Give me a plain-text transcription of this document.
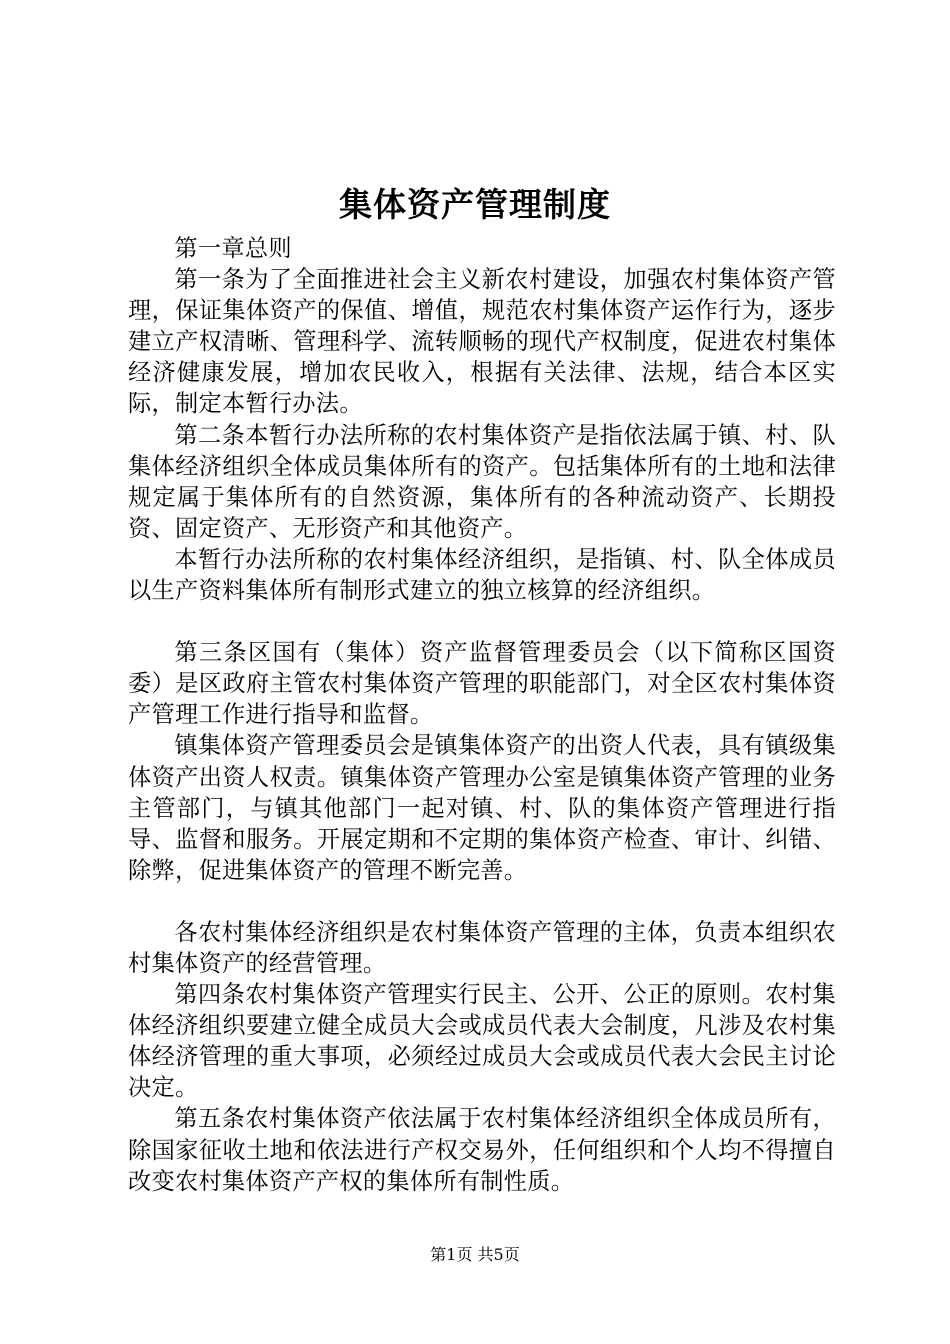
集体资产管理制度

第一章总则

第一条为了全面推进社会主义新农村建设，加强农村集体资产管理，保证集体资产的保值、增值，规范农村集体资产运作行为，逐步建立产权清晰、管理科学、流转顺畅的现代产权制度，促进农村集体经济健康发展，增加农民收入，根据有关法律、法规，结合本区实际，制定本暂行办法。

第二条本暂行办法所称的农村集体资产是指依法属于镇、村、队集体经济组织全体成员集体所有的资产。包括集体所有的土地和法律规定属于集体所有的自然资源，集体所有的各种流动资产、长期投资、固定资产、无形资产和其他资产。

本暂行办法所称的农村集体经济组织，是指镇、村、队全体成员以生产资料集体所有制形式建立的独立核算的经济组织。

第三条区国有（集体）资产监督管理委员会（以下简称区国资委）是区政府主管农村集体资产管理的职能部门，对全区农村集体资产管理工作进行指导和监督。

镇集体资产管理委员会是镇集体资产的出资人代表，具有镇级集体资产出资人权责。镇集体资产管理办公室是镇集体资产管理的业务主管部门，与镇其他部门一起对镇、村、队的集体资产管理进行指导、监督和服务。开展定期和不定期的集体资产检查、审计、纠错、除弊，促进集体资产的管理不断完善。

各农村集体经济组织是农村集体资产管理的主体，负责本组织农村集体资产的经营管理。

第四条农村集体资产管理实行民主、公开、公正的原则。农村集体经济组织要建立健全成员大会或成员代表大会制度，凡涉及农村集体经济管理的重大事项，必须经过成员大会或成员代表大会民主讨论决定。

第五条农村集体资产依法属于农村集体经济组织全体成员所有，除国家征收土地和依法进行产权交易外，任何组织和个人均不得擅自改变农村集体资产产权的集体所有制性质。

第1页 共5页
